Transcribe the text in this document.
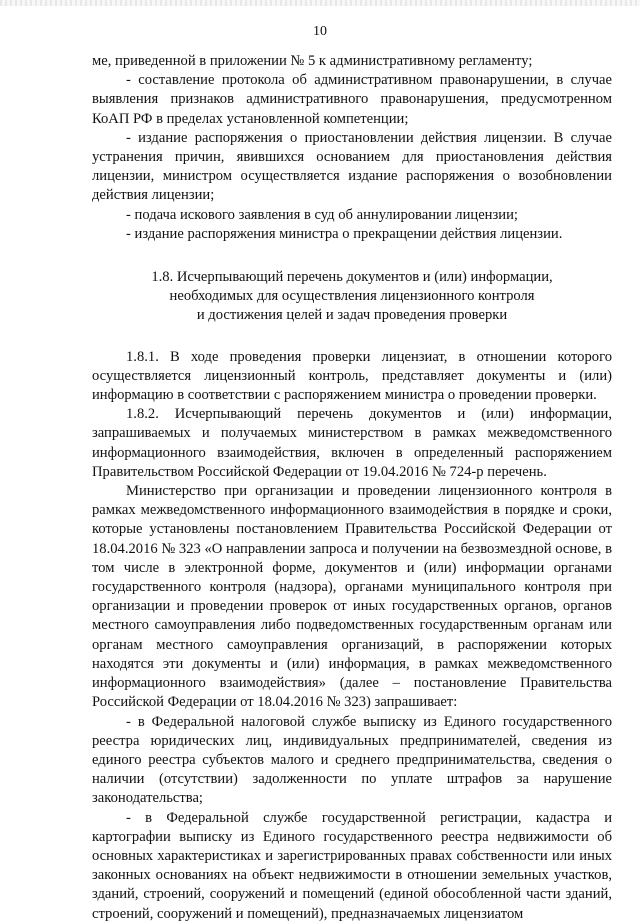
10

ме, приведенной в приложении № 5 к административному регламенту;

- составление протокола об административном правонарушении, в случае выявления признаков административного правонарушения, предусмотренном КоАП РФ в пределах установленной компетенции;

- издание распоряжения о приостановлении действия лицензии. В случае устранения причин, явившихся основанием для приостановления действия лицензии, министром осуществляется издание распоряжения о возобновлении действия лицензии;

- подача искового заявления в суд об аннулировании лицензии;

- издание распоряжения министра о прекращении действия лицензии.

1.8. Исчерпывающий перечень документов и (или) информации,
необходимых для осуществления лицензионного контроля
и достижения целей и задач проведения проверки

1.8.1. В ходе проведения проверки лицензиат, в отношении которого осуществляется лицензионный контроль, представляет документы и (или) информацию в соответствии с распоряжением министра о проведении проверки.

1.8.2. Исчерпывающий перечень документов и (или) информации, запрашиваемых и получаемых министерством в рамках межведомственного информационного взаимодействия, включен в определенный распоряжением Правительством Российской Федерации от 19.04.2016 № 724-р перечень.

Министерство при организации и проведении лицензионного контроля в рамках межведомственного информационного взаимодействия в порядке и сроки, которые установлены постановлением Правительства Российской Федерации от 18.04.2016 № 323 «О направлении запроса и получении на безвозмездной основе, в том числе в электронной форме, документов и (или) информации органами государственного контроля (надзора), органами муниципального контроля при организации и проведении проверок от иных государственных органов, органов местного самоуправления либо подведомственных государственным органам или органам местного самоуправления организаций, в распоряжении которых находятся эти документы и (или) информация, в рамках межведомственного информационного взаимодействия» (далее – постановление Правительства Российской Федерации от 18.04.2016 № 323) запрашивает:

- в Федеральной налоговой службе выписку из Единого государственного реестра юридических лиц, индивидуальных предпринимателей, сведения из единого реестра субъектов малого и среднего предпринимательства, сведения о наличии (отсутствии) задолженности по уплате штрафов за нарушение законодательства;

- в Федеральной службе государственной регистрации, кадастра и картографии выписку из Единого государственного реестра недвижимости об основных характеристиках и зарегистрированных правах собственности или иных законных основаниях на объект недвижимости в отношении земельных участков, зданий, строений, сооружений и помещений (единой обособленной части зданий, строений, сооружений и помещений), предназначаемых лицензиатом
